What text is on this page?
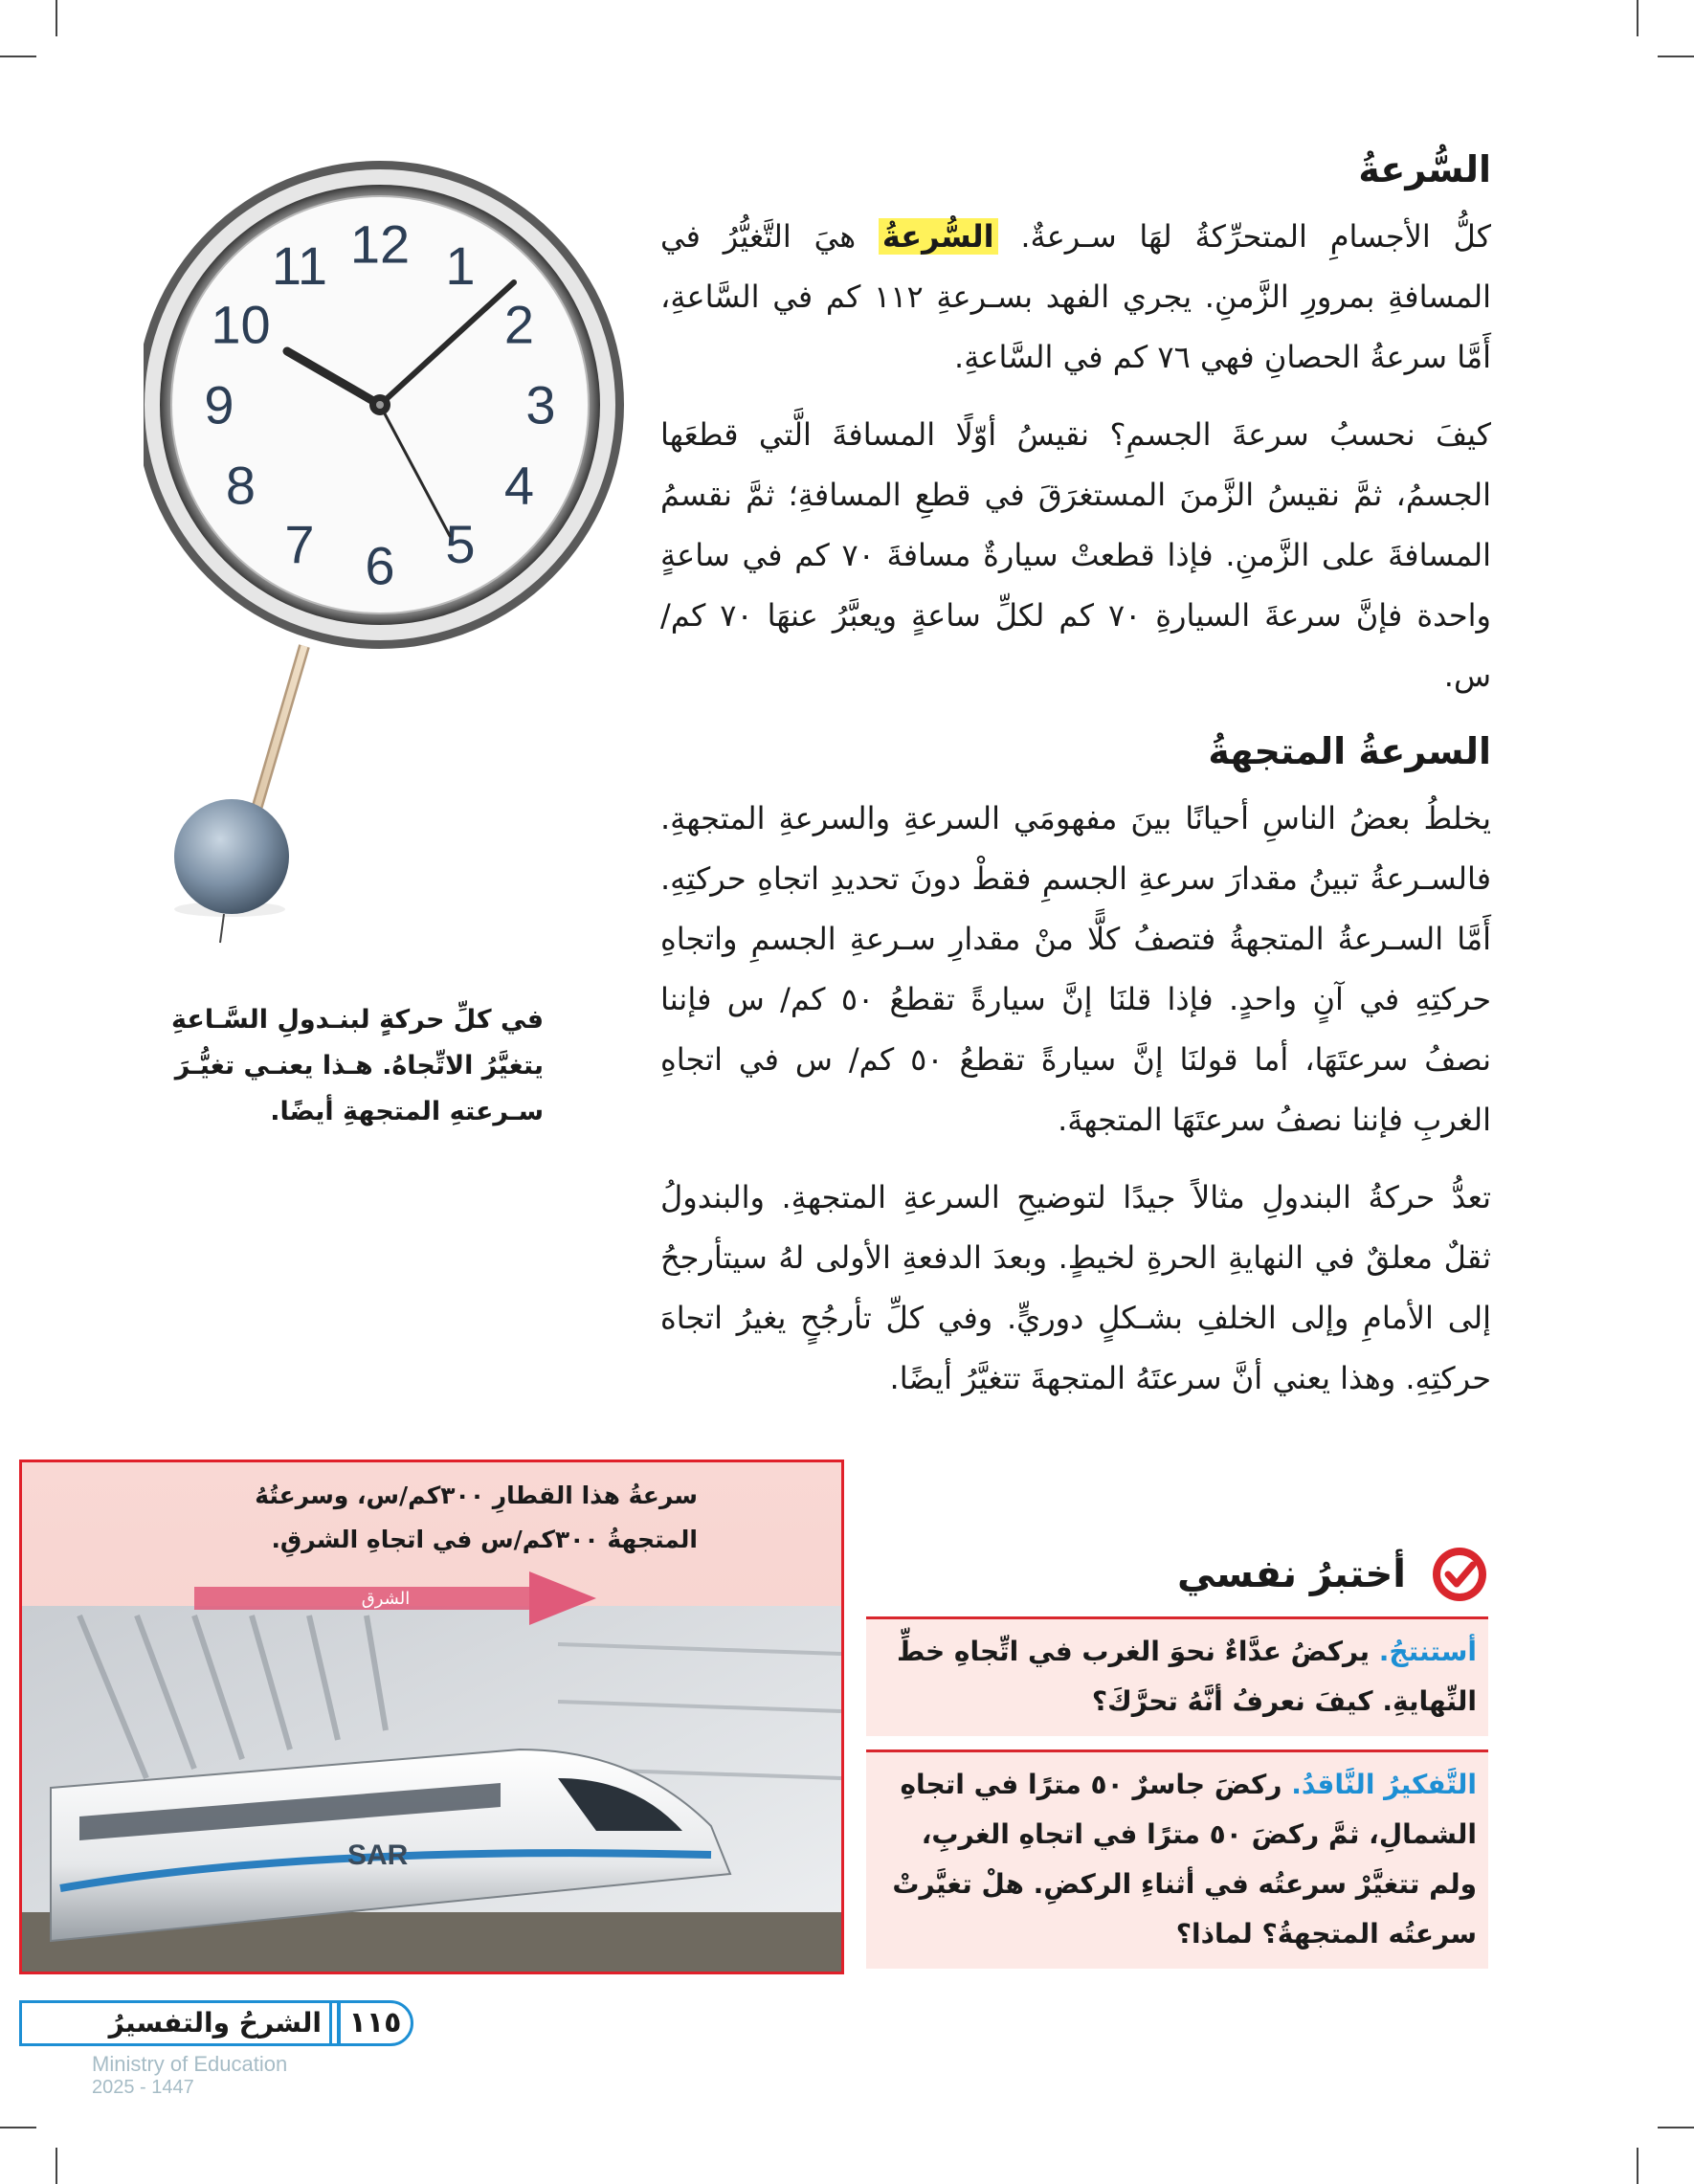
السُّرعةُ

كلُّ الأجسامِ المتحرِّكةُ لهَا سـرعةٌ. السُّرعةُ هيَ التَّغيُّرُ في المسافةِ بمرورِ الزَّمنِ. يجري الفهد بسـرعةِ ١١٢ كم في السَّاعةِ، أَمَّا سرعةُ الحصانِ فهي ٧٦ كم في السَّاعةِ.

كيفَ نحسبُ سرعةَ الجسمِ؟ نقيسُ أوّلًا المسافةَ الَّتي قطعَها الجسمُ، ثمَّ نقيسُ الزَّمنَ المستغرَقَ في قطعِ المسافةِ؛ ثمَّ نقسمُ المسافةَ على الزَّمنِ. فإذا قطعتْ سيارةٌ مسافةَ ٧٠ كم في ساعةٍ واحدة فإنَّ سرعةَ السيارةِ ٧٠ كم لكلِّ ساعةٍ ويعبَّرُ عنهَا ٧٠ كم/ س.

السرعةُ المتجهةُ

يخلطُ بعضُ الناسِ أحيانًا بينَ مفهومَي السرعةِ والسرعةِ المتجهةِ. فالسـرعةُ تبينُ مقدارَ سرعةِ الجسمِ فقطْ دونَ تحديدِ اتجاهِ حركتِهِ. أَمَّا السـرعةُ المتجهةُ فتصفُ كلًّا منْ مقدارِ سـرعةِ الجسمِ واتجاهِ حركتِهِ في آنٍ واحدٍ. فإذا قلنَا إنَّ سيارةً تقطعُ ٥٠ كم/ س فإننا نصفُ سرعتَهَا، أما قولنَا إنَّ سيارةً تقطعُ ٥٠ كم/ س في اتجاهِ الغربِ فإننا نصفُ سرعتَهَا المتجهةَ.

تعدُّ حركةُ البندولِ مثالاً جيدًا لتوضيحِ السرعةِ المتجهةِ. والبندولُ ثقلٌ معلقٌ في النهايةِ الحرةِ لخيطٍ. وبعدَ الدفعةِ الأولى لهُ سيتأرجحُ إلى الأمامِ وإلى الخلفِ بشـكلٍ دوريٍّ. وفي كلِّ تأرجُحٍ يغيرُ اتجاهَ حركتِهِ. وهذا يعني أنَّ سرعتَهُ المتجهةَ تتغيَّرُ أيضًا.

12 1
2
3
4
5
6
7
8
9
10
11
في كلِّ حركةٍ لبنـدولِ السَّـاعةِ يتغيَّرُ الاتِّجاهُ. هـذا يعنـي تغيُّـرَ سـرعتهِ المتجهةِ أيضًا.
SAR
سرعةُ هذا القطارِ ٣٠٠كم/س، وسرعتُهُ المتجهةُ ٣٠٠كم/س في اتجاهِ الشرقِ.
الشرق
أختبرُ نفسي
أستنتجُ. يركضُ عدَّاءٌ نحوَ الغرب في اتِّجاهِ خطِّ النِّهايةِ. كيفَ نعرفُ أنَّهُ تحرَّكَ؟
التَّفكيرُ النَّاقدُ. ركضَ جاسرٌ ٥٠ مترًا في اتجاهِ الشمالِ، ثمَّ ركضَ ٥٠ مترًا في اتجاهِ الغربِ، ولم تتغيَّرْ سرعتُه في أثناءِ الركضِ. هلْ تغيَّرتْ سرعتُه المتجهةُ؟ لماذا؟
١١٥
الشرحُ والتفسيرُ
Ministry of Education
2025 - 1447
